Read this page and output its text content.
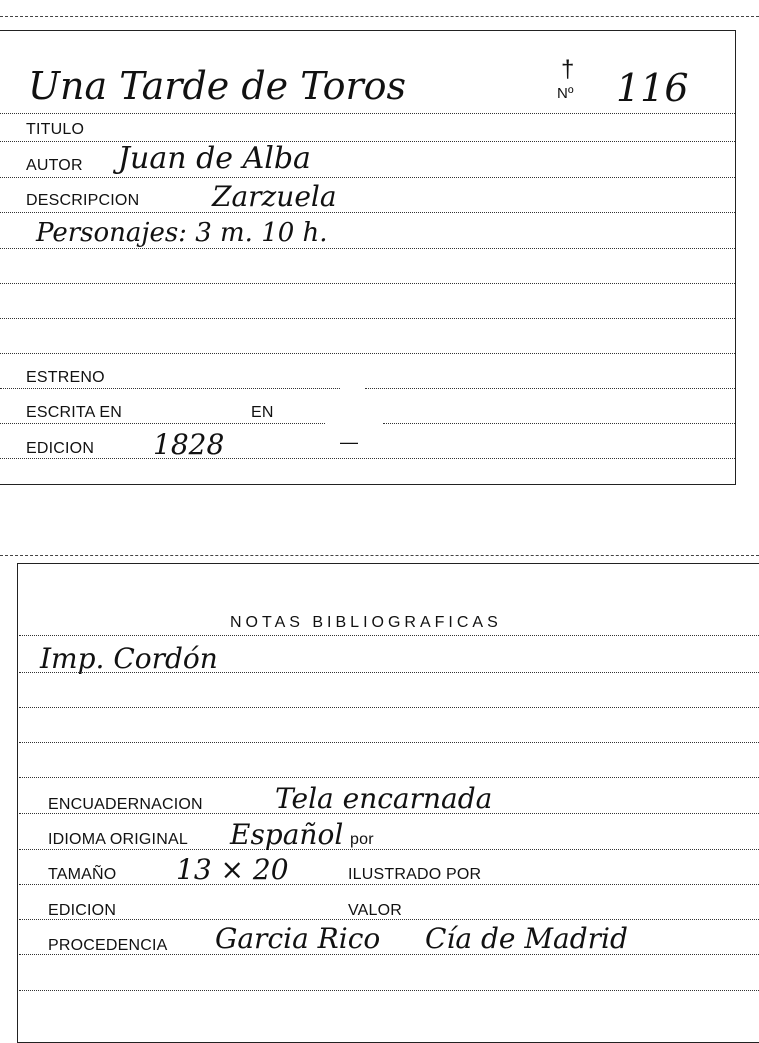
Una Tarde de Toros	†
Nº 116
TITULO
AUTOR Juan de Alba
DESCRIPCION	Zarzuela
Personajes: 3 m. 10 h.
ESTRENO
ESCRITA EN	EN
EDICION 1828	—
NOTAS BIBLIOGRAFICAS
Imp. Cordón
ENCUADERNACION	Tela encarnada
IDIOMA ORIGINAL Español por
TAMAÑO 13 × 20	ILUSTRADO POR
EDICION	VALOR
PROCEDENCIA Garcia Rico Cía de Madrid
